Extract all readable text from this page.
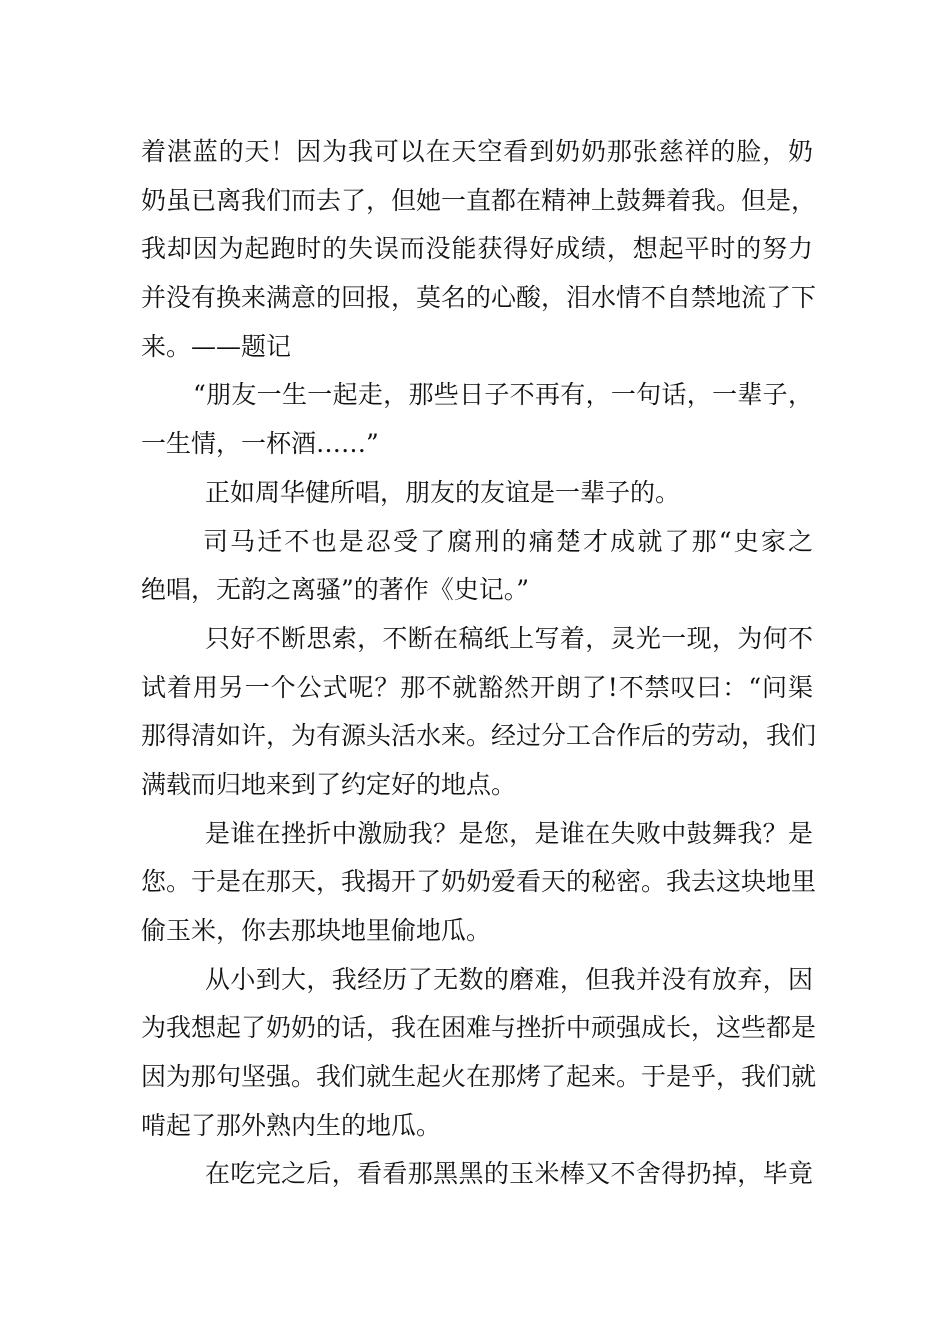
着湛蓝的天！因为我可以在天空看到奶奶那张慈祥的脸，奶
奶虽已离我们而去了，但她一直都在精神上鼓舞着我。但是，
我却因为起跑时的失误而没能获得好成绩，想起平时的努力
并没有换来满意的回报，莫名的心酸，泪水情不自禁地流了下
来。——题记
“朋友一生一起走，那些日子不再有，一句话，一辈子，
一生情，一杯酒……”
正如周华健所唱，朋友的友谊是一辈子的。
司马迁不也是忍受了腐刑的痛楚才成就了那“史家之
绝唱，无韵之离骚”的著作《史记。”
只好不断思索，不断在稿纸上写着，灵光一现，为何不
试着用另一个公式呢？那不就豁然开朗了!不禁叹曰：“问渠
那得清如许，为有源头活水来。经过分工合作后的劳动，我们
满载而归地来到了约定好的地点。
是谁在挫折中激励我？是您，是谁在失败中鼓舞我？是
您。于是在那天，我揭开了奶奶爱看天的秘密。我去这块地里
偷玉米，你去那块地里偷地瓜。
从小到大，我经历了无数的磨难，但我并没有放弃，因
为我想起了奶奶的话，我在困难与挫折中顽强成长，这些都是
因为那句坚强。我们就生起火在那烤了起来。于是乎，我们就
啃起了那外熟内生的地瓜。
在吃完之后，看看那黑黑的玉米棒又不舍得扔掉，毕竟
